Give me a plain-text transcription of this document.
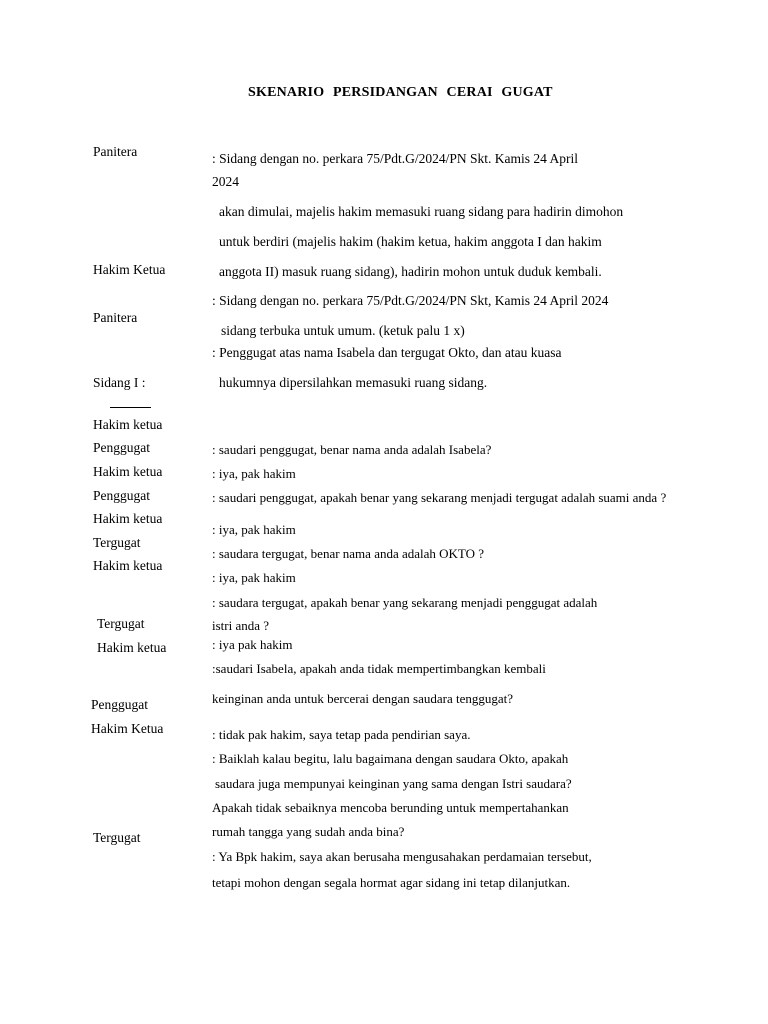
SKENARIO PERSIDANGAN CERAI GUGAT
Panitera
Hakim Ketua
Panitera
Sidang I :
Hakim ketua
Penggugat
Hakim ketua
Penggugat
Hakim ketua
Tergugat
Hakim ketua
Tergugat
Hakim ketua
Penggugat
Hakim Ketua
Tergugat
: Sidang dengan no. perkara 75/Pdt.G/2024/PN Skt. Kamis 24 April
2024
akan dimulai, majelis hakim memasuki ruang sidang para hadirin dimohon
untuk berdiri (majelis hakim (hakim ketua, hakim anggota I dan hakim
anggota II) masuk ruang sidang), hadirin mohon untuk duduk kembali.
: Sidang dengan no. perkara 75/Pdt.G/2024/PN Skt, Kamis 24 April 2024
sidang terbuka untuk umum. (ketuk palu 1 x)
: Penggugat atas nama Isabela dan tergugat Okto, dan atau kuasa
hukumnya dipersilahkan memasuki ruang sidang.
: saudari penggugat, benar nama anda adalah Isabela?
: iya, pak hakim
: saudari penggugat, apakah benar yang sekarang menjadi tergugat adalah suami anda ?
: iya, pak hakim
: saudara tergugat, benar nama anda adalah OKTO ?
: iya, pak hakim
: saudara tergugat, apakah benar yang sekarang menjadi penggugat adalah
istri anda ?
: iya pak hakim
:saudari Isabela, apakah anda tidak mempertimbangkan kembali
keinginan anda untuk bercerai dengan saudara tenggugat?
: tidak pak hakim, saya tetap pada pendirian saya.
: Baiklah kalau begitu, lalu bagaimana dengan saudara Okto, apakah
saudara juga mempunyai keinginan yang sama dengan Istri saudara?
Apakah tidak sebaiknya mencoba berunding untuk mempertahankan
rumah tangga yang sudah anda bina?
: Ya Bpk hakim, saya akan berusaha mengusahakan perdamaian tersebut,
tetapi mohon dengan segala hormat agar sidang ini tetap dilanjutkan.
